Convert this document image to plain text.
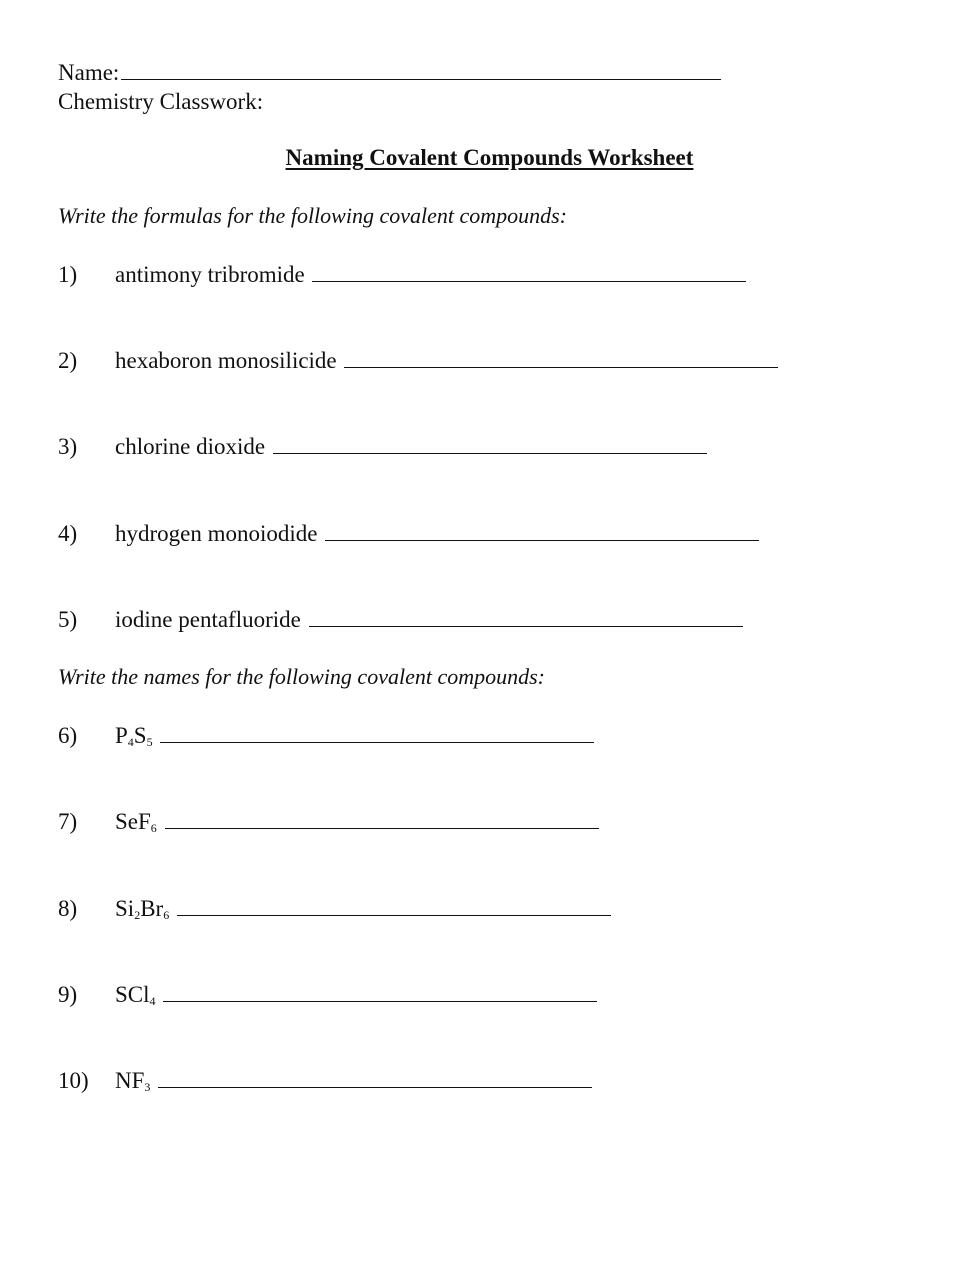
Name:
Chemistry Classwork:
Naming Covalent Compounds Worksheet
Write the formulas for the following covalent compounds:
1) antimony tribromide
2) hexaboron monosilicide
3) chlorine dioxide
4) hydrogen monoiodide
5) iodine pentafluoride
Write the names for the following covalent compounds:
6) $P_4S_5$
7) SeF$_6$
8) $Si_2Br_6$
9) SCl$_4$
10) $NF_3$
